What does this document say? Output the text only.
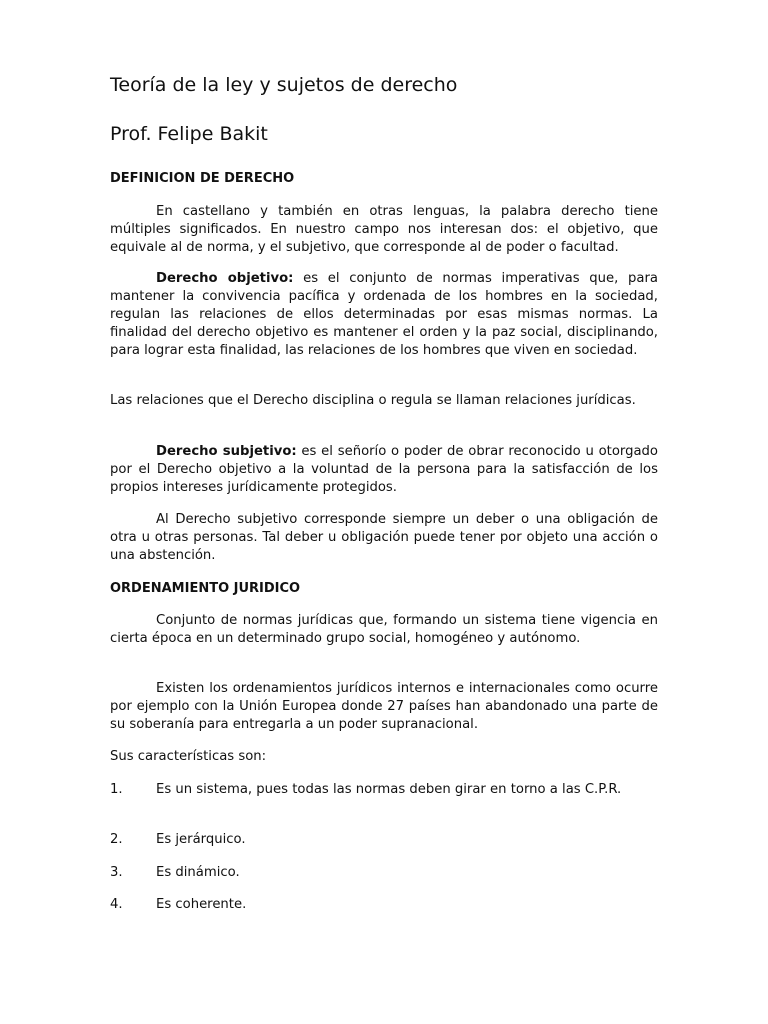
Teoría de la ley y sujetos de derecho
Prof. Felipe Bakit
DEFINICION DE DERECHO

En castellano y también en otras lenguas, la palabra derecho tiene múltiples significados. En nuestro campo nos interesan dos: el objetivo, que equivale al de norma, y el subjetivo, que corresponde al de poder o facultad.

Derecho objetivo: es el conjunto de normas imperativas que, para mantener la convivencia pacífica y ordenada de los hombres en la sociedad, regulan las relaciones de ellos determinadas por esas mismas normas. La finalidad del derecho objetivo es mantener el orden y la paz social, disciplinando, para lograr esta finalidad, las relaciones de los hombres que viven en sociedad.

Las relaciones que el Derecho disciplina o regula se llaman relaciones jurídicas.

Derecho subjetivo: es el señorío o poder de obrar reconocido u otorgado por el Derecho objetivo a la voluntad de la persona para la satisfacción de los propios intereses jurídicamente protegidos.

Al Derecho subjetivo corresponde siempre un deber o una obligación de otra u otras personas. Tal deber u obligación puede tener por objeto una acción o una abstención.

ORDENAMIENTO JURIDICO

Conjunto de normas jurídicas que, formando un sistema tiene vigencia en cierta época en un determinado grupo social, homogéneo y autónomo.

Existen los ordenamientos jurídicos internos e internacionales como ocurre por ejemplo con la Unión Europea donde 27 países han abandonado una parte de su soberanía para entregarla a un poder supranacional.

Sus características son:

1.	Es un sistema, pues todas las normas deben girar en torno a las C.P.R.

2.	Es jerárquico.

3.	Es dinámico.

4.	Es coherente.
